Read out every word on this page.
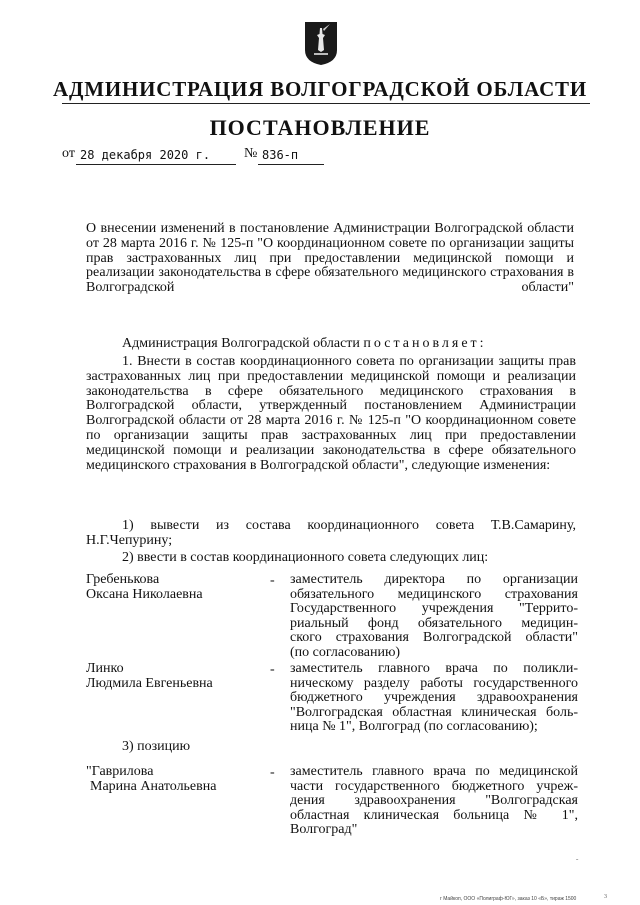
АДМИНИСТРАЦИЯ ВОЛГОГРАДСКОЙ ОБЛАСТИ
ПОСТАНОВЛЕНИЕ
от 28 декабря 2020 г. № 836-п
О внесении изменений в постановление Администрации Волгоградской области от 28 марта 2016 г. № 125-п "О координационном совете по организации защиты прав застрахованных лиц при предоставлении медицинской помощи и реализации законодательства в сфере обязательного медицинского страхования в Волгоградской области"
Администрация Волгоградской области постановляет:
1. Внести в состав координационного совета по организации защиты прав застрахованных лиц при предоставлении медицинской помощи и реализации законодательства в сфере обязательного медицинского страхования в Волгоградской области, утвержденный постановлением Администрации Волгоградской области от 28 марта 2016 г. № 125-п "О координационном совете по организации защиты прав застрахованных лиц при предоставлении медицинской помощи и реализации законодательства в сфере обязательного медицинского страхования в Волгоградской области", следующие изменения:
1) вывести из состава координационного совета Т.В.Самарину, Н.Г.Чепурину;
2) ввести в состав координационного совета следующих лиц:
Гребенькова
Оксана Николаевна
- заместитель директора по организации
обязательного медицинского страхования
Государственного учреждения "Террито-
риальный фонд обязательного медицин-
ского страхования Волгоградской области"
(по согласованию)
Линко
Людмила Евгеньевна
- заместитель главного врача по поликли-
ническому разделу работы государственного
бюджетного учреждения здравоохранения
"Волгоградская областная клиническая боль-
ница № 1", Волгоград (по согласованию);
3) позицию
"Гаврилова
Марина Анатольевна
- заместитель главного врача по медицинской
части государственного бюджетного учреж-
дения здравоохранения "Волгоградская
областная клиническая больница № 1",
Волгоград"
ˇ
г Майкоп, ООО «Полиграф-ЮГ», заказ 10 «Б», тираж 1500	3
